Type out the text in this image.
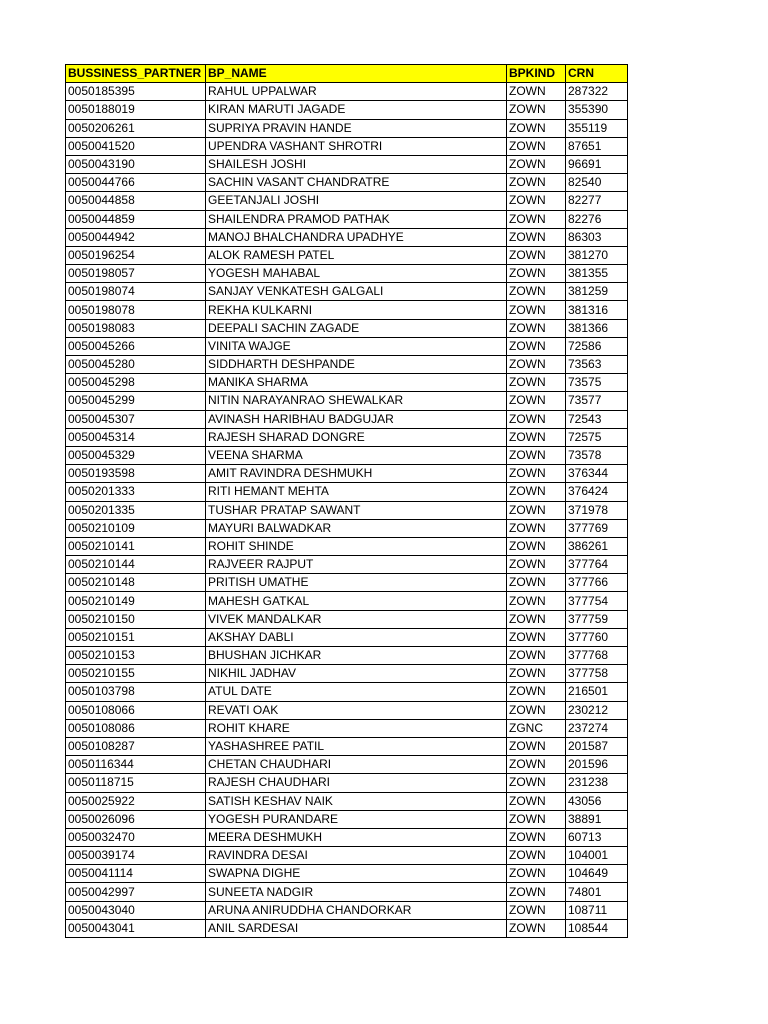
BUSSINESS_PARTNER	BP_NAME	BPKIND	CRN
0050185395	RAHUL UPPALWAR	ZOWN	287322
0050188019	KIRAN MARUTI JAGADE	ZOWN	355390
0050206261	SUPRIYA PRAVIN HANDE	ZOWN	355119
0050041520	UPENDRA VASHANT SHROTRI	ZOWN	87651
0050043190	SHAILESH JOSHI	ZOWN	96691
0050044766	SACHIN VASANT CHANDRATRE	ZOWN	82540
0050044858	GEETANJALI JOSHI	ZOWN	82277
0050044859	SHAILENDRA PRAMOD PATHAK	ZOWN	82276
0050044942	MANOJ BHALCHANDRA UPADHYE	ZOWN	86303
0050196254	ALOK RAMESH PATEL	ZOWN	381270
0050198057	YOGESH MAHABAL	ZOWN	381355
0050198074	SANJAY VENKATESH GALGALI	ZOWN	381259
0050198078	REKHA KULKARNI	ZOWN	381316
0050198083	DEEPALI SACHIN ZAGADE	ZOWN	381366
0050045266	VINITA WAJGE	ZOWN	72586
0050045280	SIDDHARTH DESHPANDE	ZOWN	73563
0050045298	MANIKA SHARMA	ZOWN	73575
0050045299	NITIN NARAYANRAO SHEWALKAR	ZOWN	73577
0050045307	AVINASH HARIBHAU BADGUJAR	ZOWN	72543
0050045314	RAJESH SHARAD DONGRE	ZOWN	72575
0050045329	VEENA SHARMA	ZOWN	73578
0050193598	AMIT RAVINDRA DESHMUKH	ZOWN	376344
0050201333	RITI HEMANT MEHTA	ZOWN	376424
0050201335	TUSHAR PRATAP SAWANT	ZOWN	371978
0050210109	MAYURI BALWADKAR	ZOWN	377769
0050210141	ROHIT SHINDE	ZOWN	386261
0050210144	RAJVEER RAJPUT	ZOWN	377764
0050210148	PRITISH UMATHE	ZOWN	377766
0050210149	MAHESH GATKAL	ZOWN	377754
0050210150	VIVEK MANDALKAR	ZOWN	377759
0050210151	AKSHAY DABLI	ZOWN	377760
0050210153	BHUSHAN JICHKAR	ZOWN	377768
0050210155	NIKHIL JADHAV	ZOWN	377758
0050103798	ATUL DATE	ZOWN	216501
0050108066	REVATI OAK	ZOWN	230212
0050108086	ROHIT KHARE	ZGNC	237274
0050108287	YASHASHREE PATIL	ZOWN	201587
0050116344	CHETAN CHAUDHARI	ZOWN	201596
0050118715	RAJESH CHAUDHARI	ZOWN	231238
0050025922	SATISH KESHAV NAIK	ZOWN	43056
0050026096	YOGESH PURANDARE	ZOWN	38891
0050032470	MEERA DESHMUKH	ZOWN	60713
0050039174	RAVINDRA DESAI	ZOWN	104001
0050041114	SWAPNA DIGHE	ZOWN	104649
0050042997	SUNEETA NADGIR	ZOWN	74801
0050043040	ARUNA ANIRUDDHA CHANDORKAR	ZOWN	108711
0050043041	ANIL SARDESAI	ZOWN	108544
